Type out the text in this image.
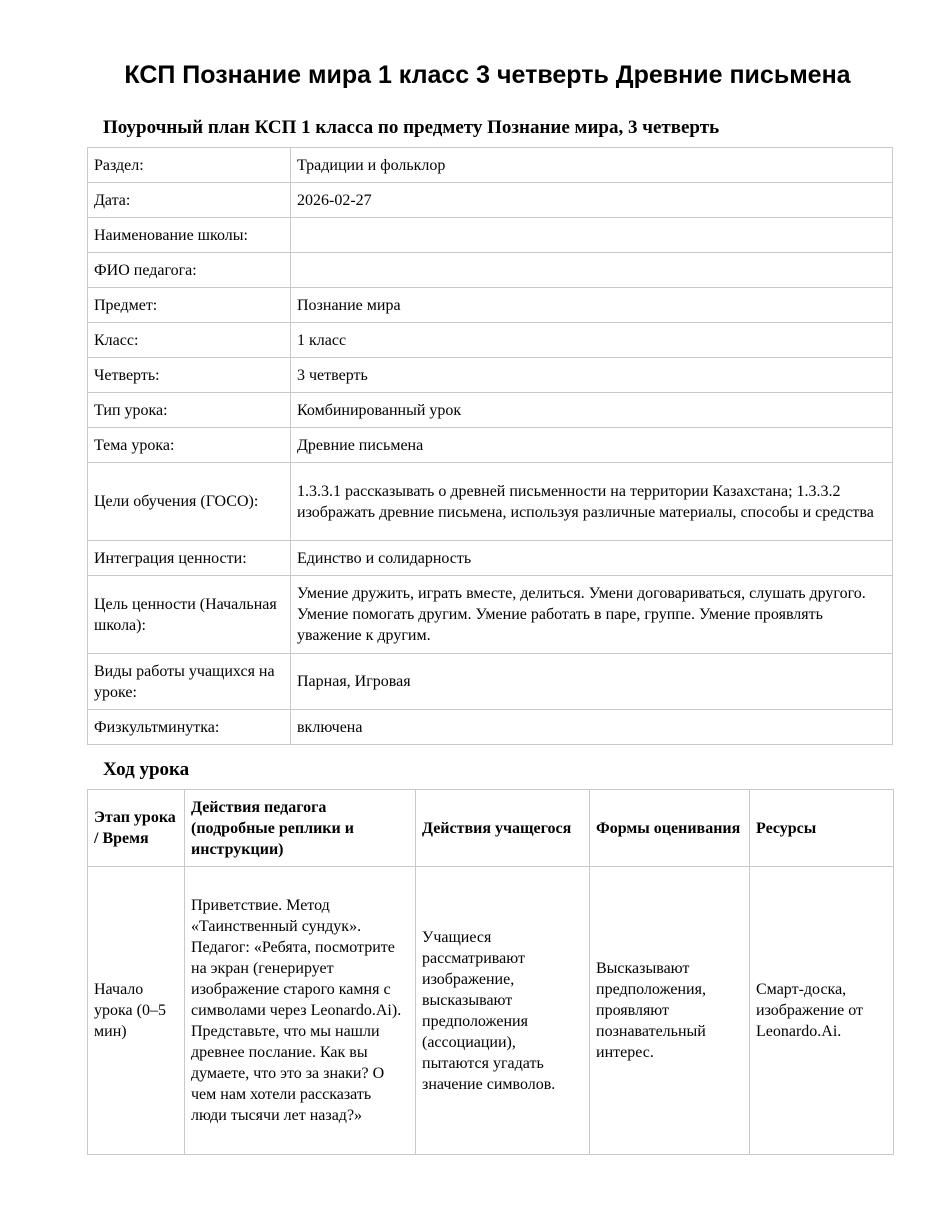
КСП Познание мира 1 класс 3 четверть Древние письмена
Поурочный план КСП 1 класса по предмету Познание мира, 3 четверть
Раздел:	Традиции и фольклор
Дата:	2026-02-27
Наименование школы:	
ФИО педагога:	
Предмет:	Познание мира
Класс:	1 класс
Четверть:	3 четверть
Тип урока:	Комбинированный урок
Тема урока:	Древние письмена
Цели обучения (ГОСО):	1.3.3.1 рассказывать о древней письменности на территории Казахстана; 1.3.3.2 изображать древние письмена, используя различные материалы, способы и средства
Интеграция ценности:	Единство и солидарность
Цель ценности (Начальная школа):	Умение дружить, играть вместе, делиться. Умени договариваться, слушать другого. Умение помогать другим. Умение работать в паре, группе. Умение проявлять уважение к другим.
Виды работы учащихся на уроке:	Парная, Игровая
Физкультминутка:	включена
Ход урока
Этап урока / Время	Действия педагога (подробные реплики и инструкции)	Действия учащегося	Формы оценивания	Ресурсы
Начало урока (0–5 мин)	Приветствие. Метод «Таинственный сундук». Педагог: «Ребята, посмотрите на экран (генерирует изображение старого камня с символами через Leonardo.Ai). Представьте, что мы нашли древнее послание. Как вы думаете, что это за знаки? О чем нам хотели рассказать люди тысячи лет назад?»	Учащиеся рассматривают изображение, высказывают предположения (ассоциации), пытаются угадать значение символов.	Высказывают предположения, проявляют познавательный интерес.	Смарт-доска, изображение от Leonardo.Ai.
